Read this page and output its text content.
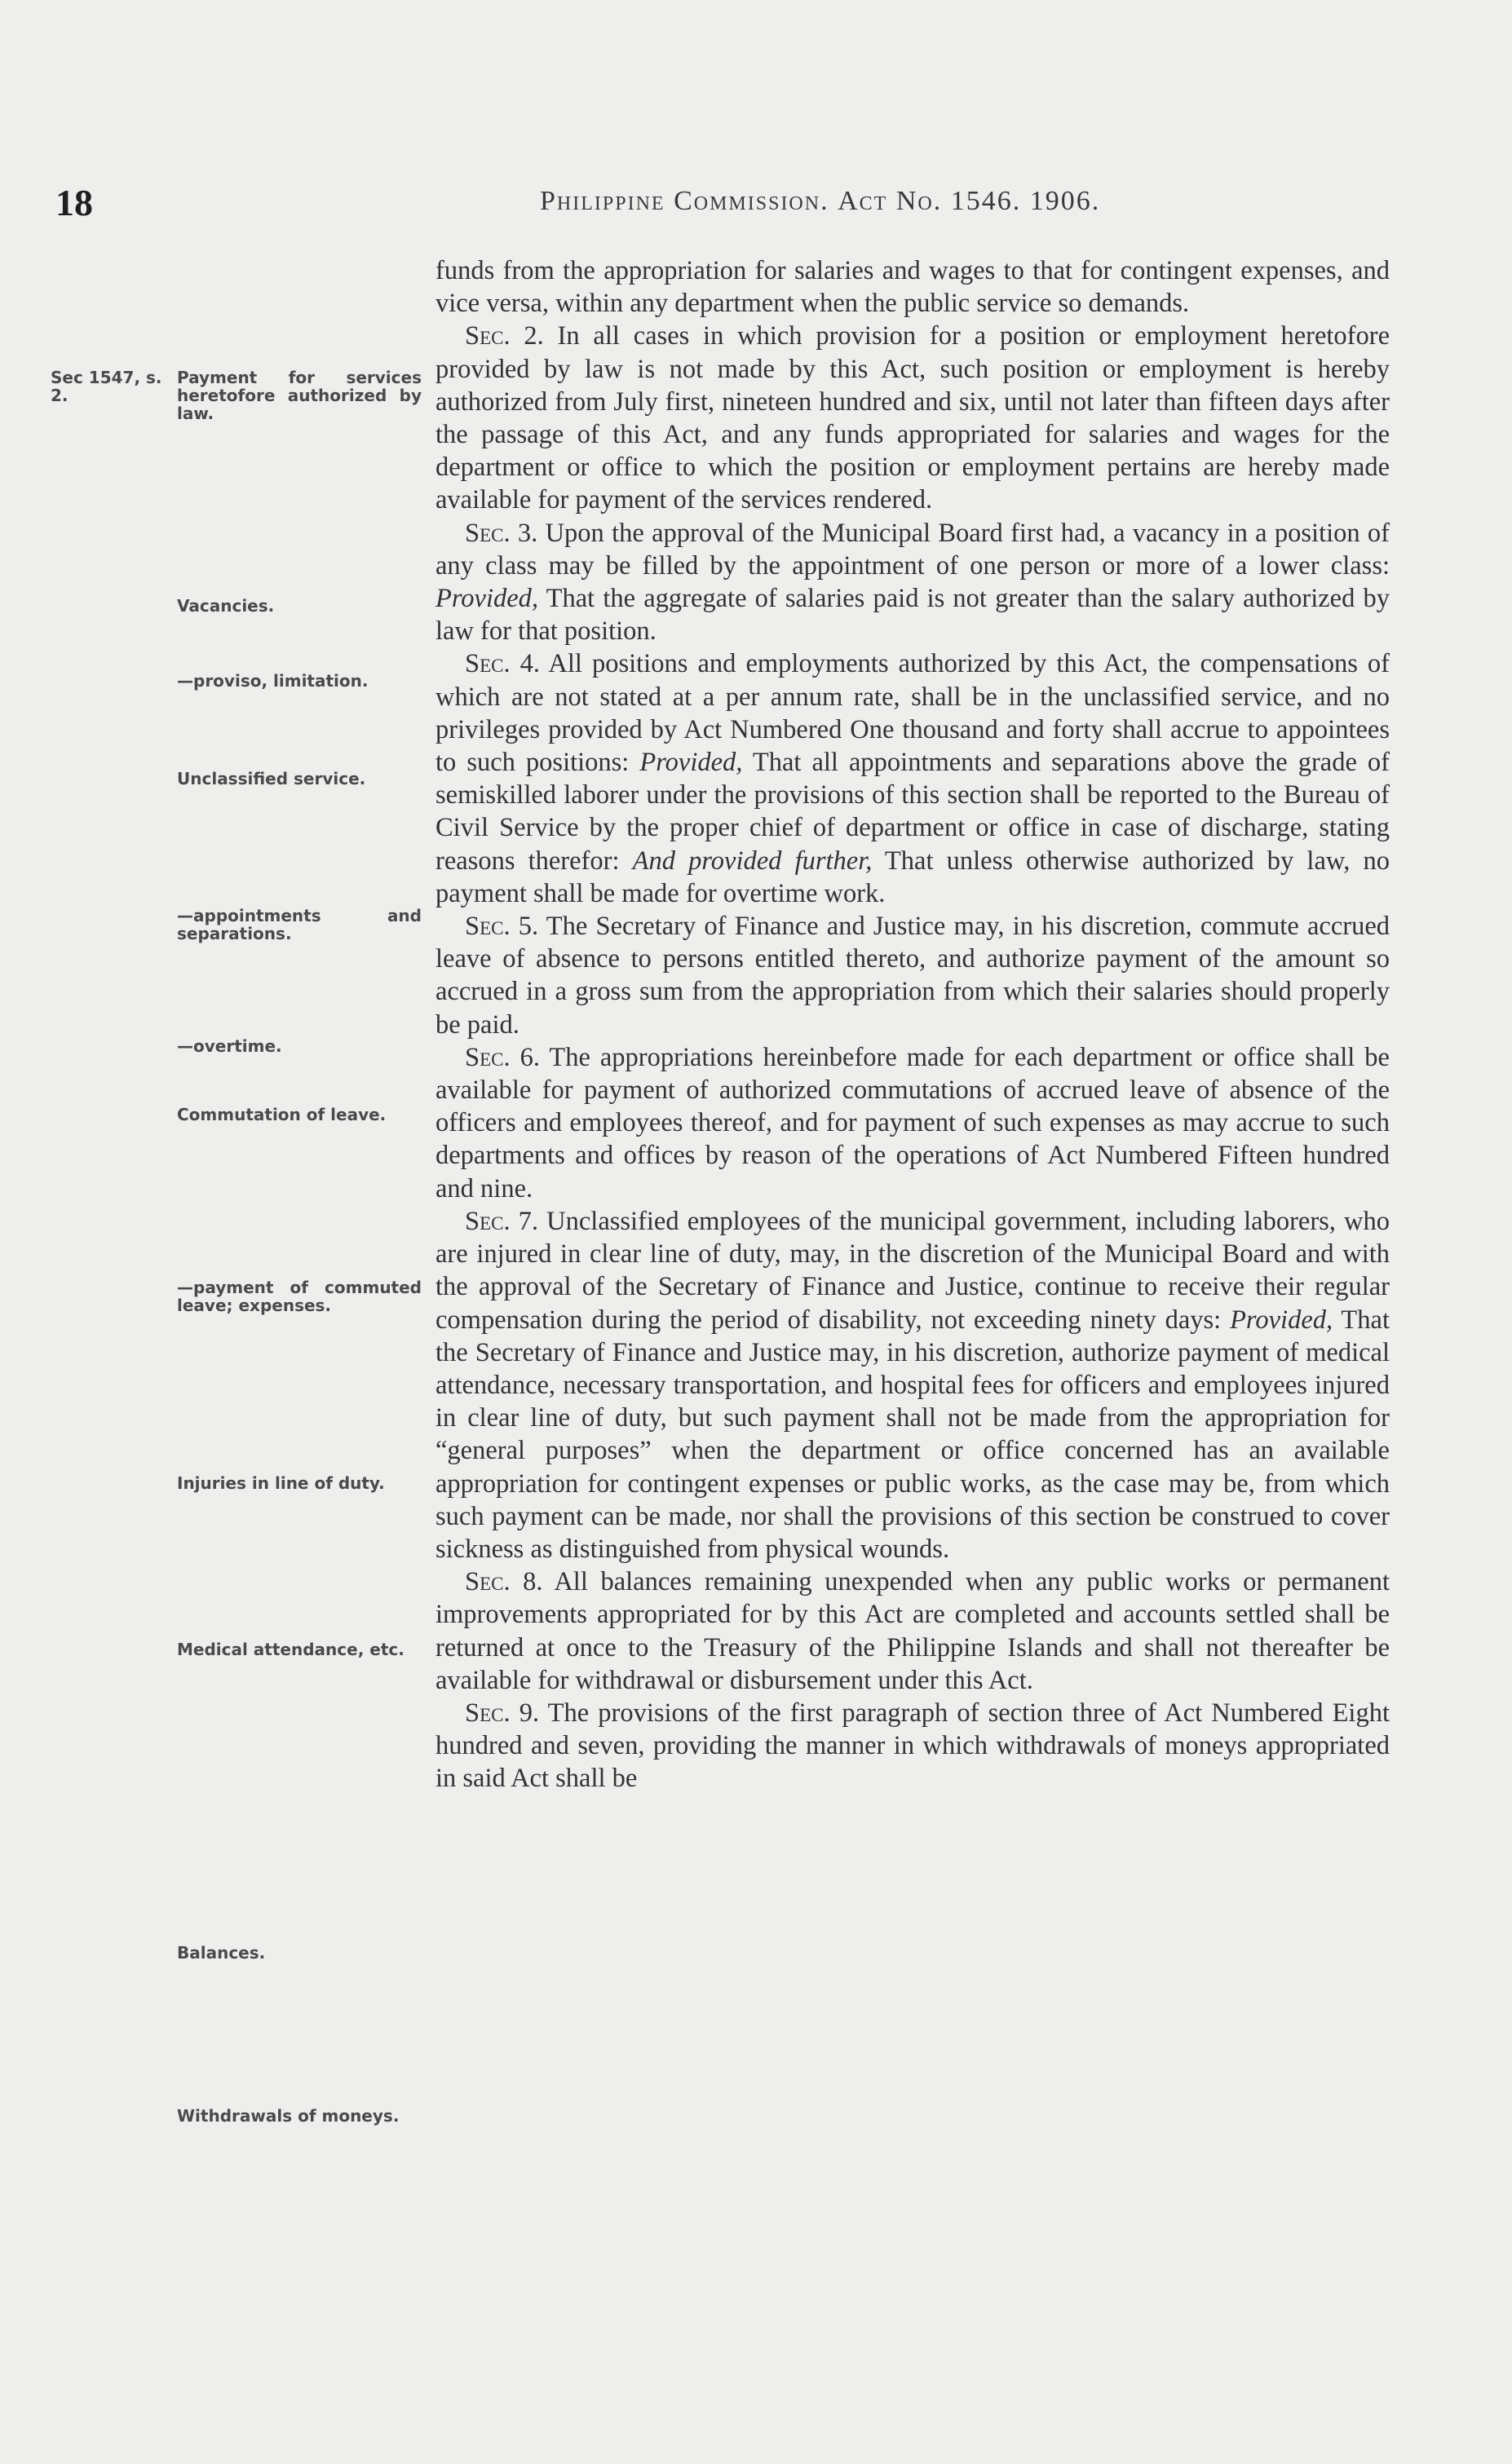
18	Philippine Commission. Act No. 1546. 1906.
Sec 1547, s. 2.Payment for services heretofore authorized by law.
Vacancies.
—proviso, limitation.
Unclassified service.
—appointments and separations.
—overtime.
Commutation of leave.
—payment of commuted leave; expenses.
Injuries in line of duty.
Medical attendance, etc.
Balances.
Withdrawals of moneys.

funds from the appropriation for salaries and wages to that for contingent expenses, and vice versa, within any department when the public service so demands.

Sec. 2. In all cases in which provision for a position or employment heretofore provided by law is not made by this Act, such position or employment is hereby authorized from July first, nineteen hundred and six, until not later than fifteen days after the passage of this Act, and any funds appropriated for salaries and wages for the department or office to which the position or employment pertains are hereby made available for payment of the services rendered.

Sec. 3. Upon the approval of the Municipal Board first had, a vacancy in a position of any class may be filled by the appointment of one person or more of a lower class: Provided, That the aggregate of salaries paid is not greater than the salary authorized by law for that position.

Sec. 4. All positions and employments authorized by this Act, the compensations of which are not stated at a per annum rate, shall be in the unclassified service, and no privileges provided by Act Numbered One thousand and forty shall accrue to appointees to such positions: Provided, That all appointments and separations above the grade of semiskilled laborer under the provisions of this section shall be reported to the Bureau of Civil Service by the proper chief of department or office in case of discharge, stating reasons therefor: And provided further, That unless otherwise authorized by law, no payment shall be made for overtime work.

Sec. 5. The Secretary of Finance and Justice may, in his discretion, commute accrued leave of absence to persons entitled thereto, and authorize payment of the amount so accrued in a gross sum from the appropriation from which their salaries should properly be paid.

Sec. 6. The appropriations hereinbefore made for each department or office shall be available for payment of authorized commutations of accrued leave of absence of the officers and employees thereof, and for payment of such expenses as may accrue to such departments and offices by reason of the operations of Act Numbered Fifteen hundred and nine.

Sec. 7. Unclassified employees of the municipal government, including laborers, who are injured in clear line of duty, may, in the discretion of the Municipal Board and with the approval of the Secretary of Finance and Justice, continue to receive their regular compensation during the period of disability, not exceeding ninety days: Provided, That the Secretary of Finance and Justice may, in his discretion, authorize payment of medical attendance, necessary transportation, and hospital fees for officers and employees injured in clear line of duty, but such payment shall not be made from the appropriation for “general purposes” when the department or office concerned has an available appropriation for contingent expenses or public works, as the case may be, from which such payment can be made, nor shall the provisions of this section be construed to cover sickness as distinguished from physical wounds.

Sec. 8. All balances remaining unexpended when any public works or permanent improvements appropriated for by this Act are completed and accounts settled shall be returned at once to the Treasury of the Philippine Islands and shall not thereafter be available for withdrawal or disbursement under this Act.

Sec. 9. The provisions of the first paragraph of section three of Act Numbered Eight hundred and seven, providing the manner in which withdrawals of moneys appropriated in said Act shall be
